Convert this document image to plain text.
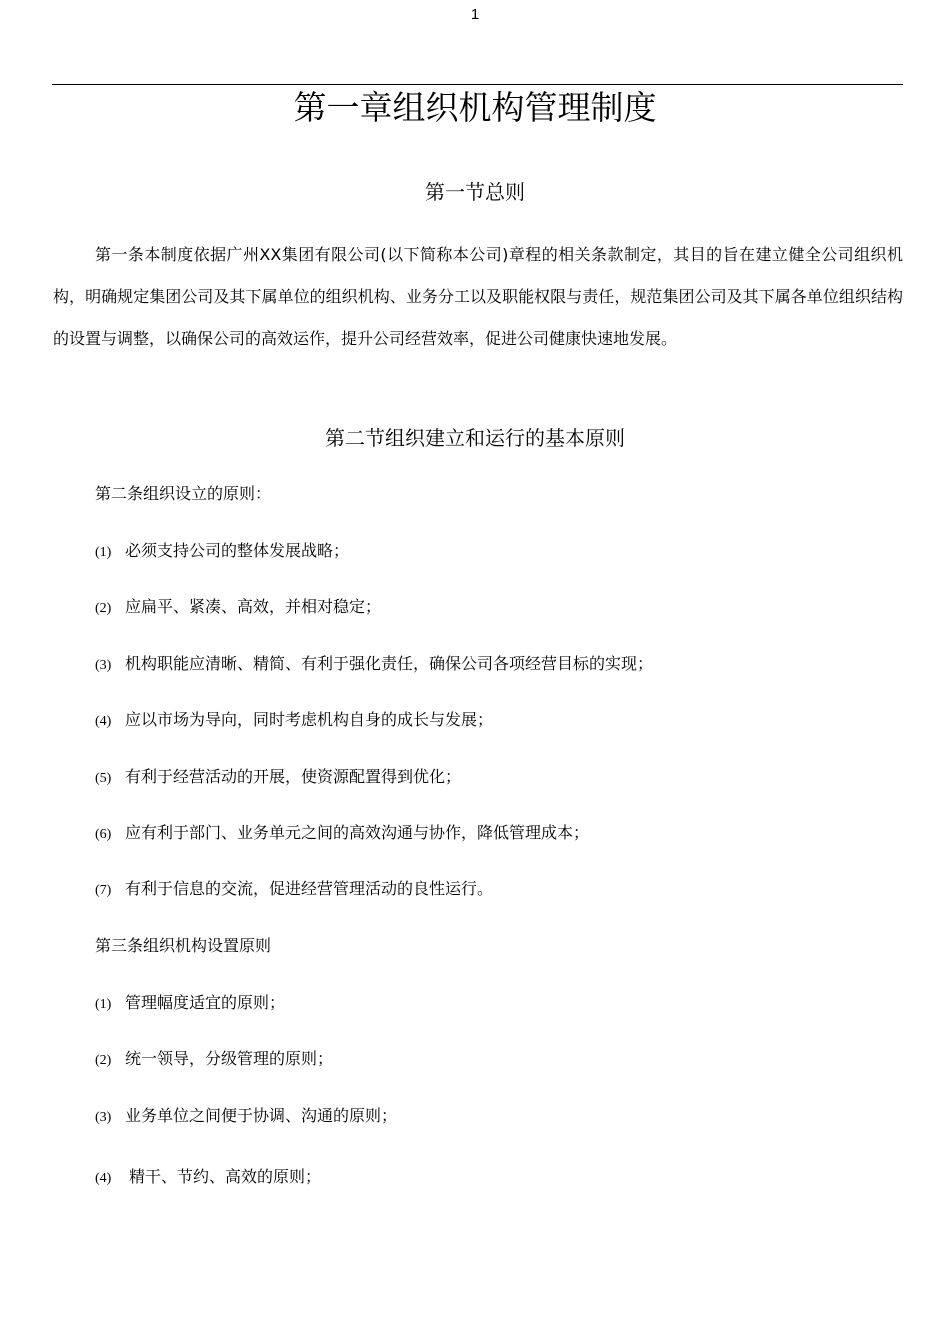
1
第一章组织机构管理制度
第一节总则

第一条本制度依据广州XX集团有限公司(以下简称本公司)章程的相关条款制定，其目的旨在建立健全公司组织机构，明确规定集团公司及其下属单位的组织机构、业务分工以及职能权限与责任，规范集团公司及其下属各单位组织结构的设置与调整，以确保公司的高效运作，提升公司经营效率，促进公司健康快速地发展。

第二节组织建立和运行的基本原则

第二条组织设立的原则：

(1) 必须支持公司的整体发展战略；
(2) 应扁平、紧凑、高效，并相对稳定；
(3) 机构职能应清晰、精简、有利于强化责任，确保公司各项经营目标的实现；
(4) 应以市场为导向，同时考虑机构自身的成长与发展；
(5) 有利于经营活动的开展，使资源配置得到优化；
(6) 应有利于部门、业务单元之间的高效沟通与协作，降低管理成本；
(7) 有利于信息的交流，促进经营管理活动的良性运行。

第三条组织机构设置原则

(1) 管理幅度适宜的原则；
(2) 统一领导，分级管理的原则；
(3) 业务单位之间便于协调、沟通的原则；
(4) 精干、节约、高效的原则；
